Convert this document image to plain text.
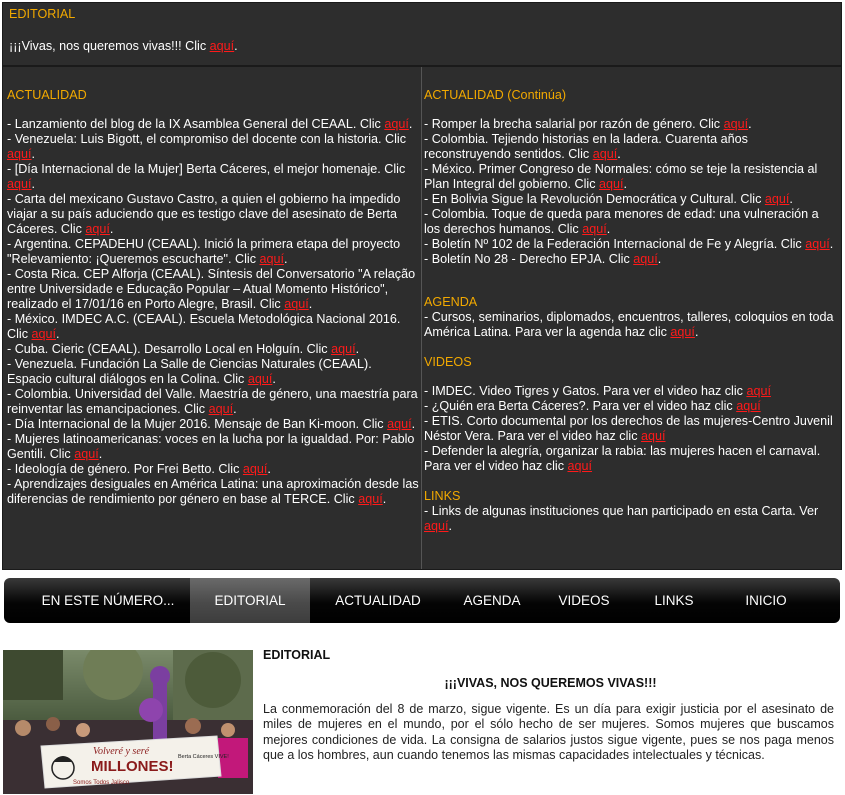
EDITORIAL
¡¡¡Vivas, nos queremos vivas!!! Clic aquí.
ACTUALIDAD
- Lanzamiento del blog de la IX Asamblea General del CEAAL. Clic aquí.
- Venezuela: Luis Bigott, el compromiso del docente con la historia. Clic aquí.
- [Día Internacional de la Mujer] Berta Cáceres, el mejor homenaje. Clic aquí.
- Carta del mexicano Gustavo Castro, a quien el gobierno ha impedido viajar a su país aduciendo que es testigo clave del asesinato de Berta Cáceres. Clic aquí.
- Argentina. CEPADEHU (CEAAL). Inició la primera etapa del proyecto "Relevamiento: ¡Queremos escucharte". Clic aquí.
- Costa Rica. CEP Alforja (CEAAL). Síntesis del Conversatorio "A relação entre Universidade e Educação Popular – Atual Momento Histórico", realizado el 17/01/16 en Porto Alegre, Brasil. Clic aquí.
- México. IMDEC A.C. (CEAAL). Escuela Metodológica Nacional 2016. Clic aquí.
- Cuba. Cieric (CEAAL). Desarrollo Local en Holguín. Clic aquí.
- Venezuela. Fundación La Salle de Ciencias Naturales (CEAAL). Espacio cultural diálogos en la Colina. Clic aquí.
- Colombia. Universidad del Valle. Maestría de género, una maestría para reinventar las emancipaciones. Clic aquí.
- Día Internacional de la Mujer 2016. Mensaje de Ban Ki-moon. Clic aquí.
- Mujeres latinoamericanas: voces en la lucha por la igualdad. Por: Pablo Gentili. Clic aquí.
- Ideología de género. Por Frei Betto. Clic aquí.
- Aprendizajes desiguales en América Latina: una aproximación desde las diferencias de rendimiento por género en base al TERCE. Clic aquí.
ACTUALIDAD (Continúa)
- Romper la brecha salarial por razón de género. Clic aquí.
- Colombia. Tejiendo historias en la ladera. Cuarenta años reconstruyendo sentidos. Clic aquí.
- México. Primer Congreso de Normales: cómo se teje la resistencia al Plan Integral del gobierno. Clic aquí.
- En Bolivia Sigue la Revolución Democrática y Cultural. Clic aquí.
- Colombia. Toque de queda para menores de edad: una vulneración a los derechos humanos. Clic aquí.
- Boletín Nº 102 de la Federación Internacional de Fe y Alegría. Clic aquí.
- Boletín No 28 - Derecho EPJA. Clic aquí.
AGENDA
- Cursos, seminarios, diplomados, encuentros, talleres, coloquios en toda América Latina. Para ver la agenda haz clic aquí.
VIDEOS
- IMDEC. Video Tigres y Gatos. Para ver el video haz clic aquí
- ¿Quién era Berta Cáceres?. Para ver el video haz clic aquí
- ETIS. Corto documental por los derechos de las mujeres-Centro Juvenil Néstor Vera. Para ver el video haz clic aquí
- Defender la alegría, organizar la rabia: las mujeres hacen el carnaval. Para ver el video haz clic aquí
LINKS
- Links de algunas instituciones que han participado en esta Carta. Ver aquí.
EN ESTE NÚMERO...	EDITORIAL	ACTUALIDAD	AGENDA	VIDEOS	LINKS	INICIO
Volveré y seré
MILLONES!
Berta Cáceres VIVE!
Somos Todos Jalisco
EDITORIAL
¡¡¡VIVAS, NOS QUEREMOS VIVAS!!!

La conmemoración del 8 de marzo, sigue vigente. Es un día para exigir justicia por el asesinato de miles de mujeres en el mundo, por el sólo hecho de ser mujeres. Somos mujeres que buscamos mejores condiciones de vida. La consigna de salarios justos sigue vigente, pues se nos paga menos que a los hombres, aun cuando tenemos las mismas capacidades intelectuales y técnicas.
